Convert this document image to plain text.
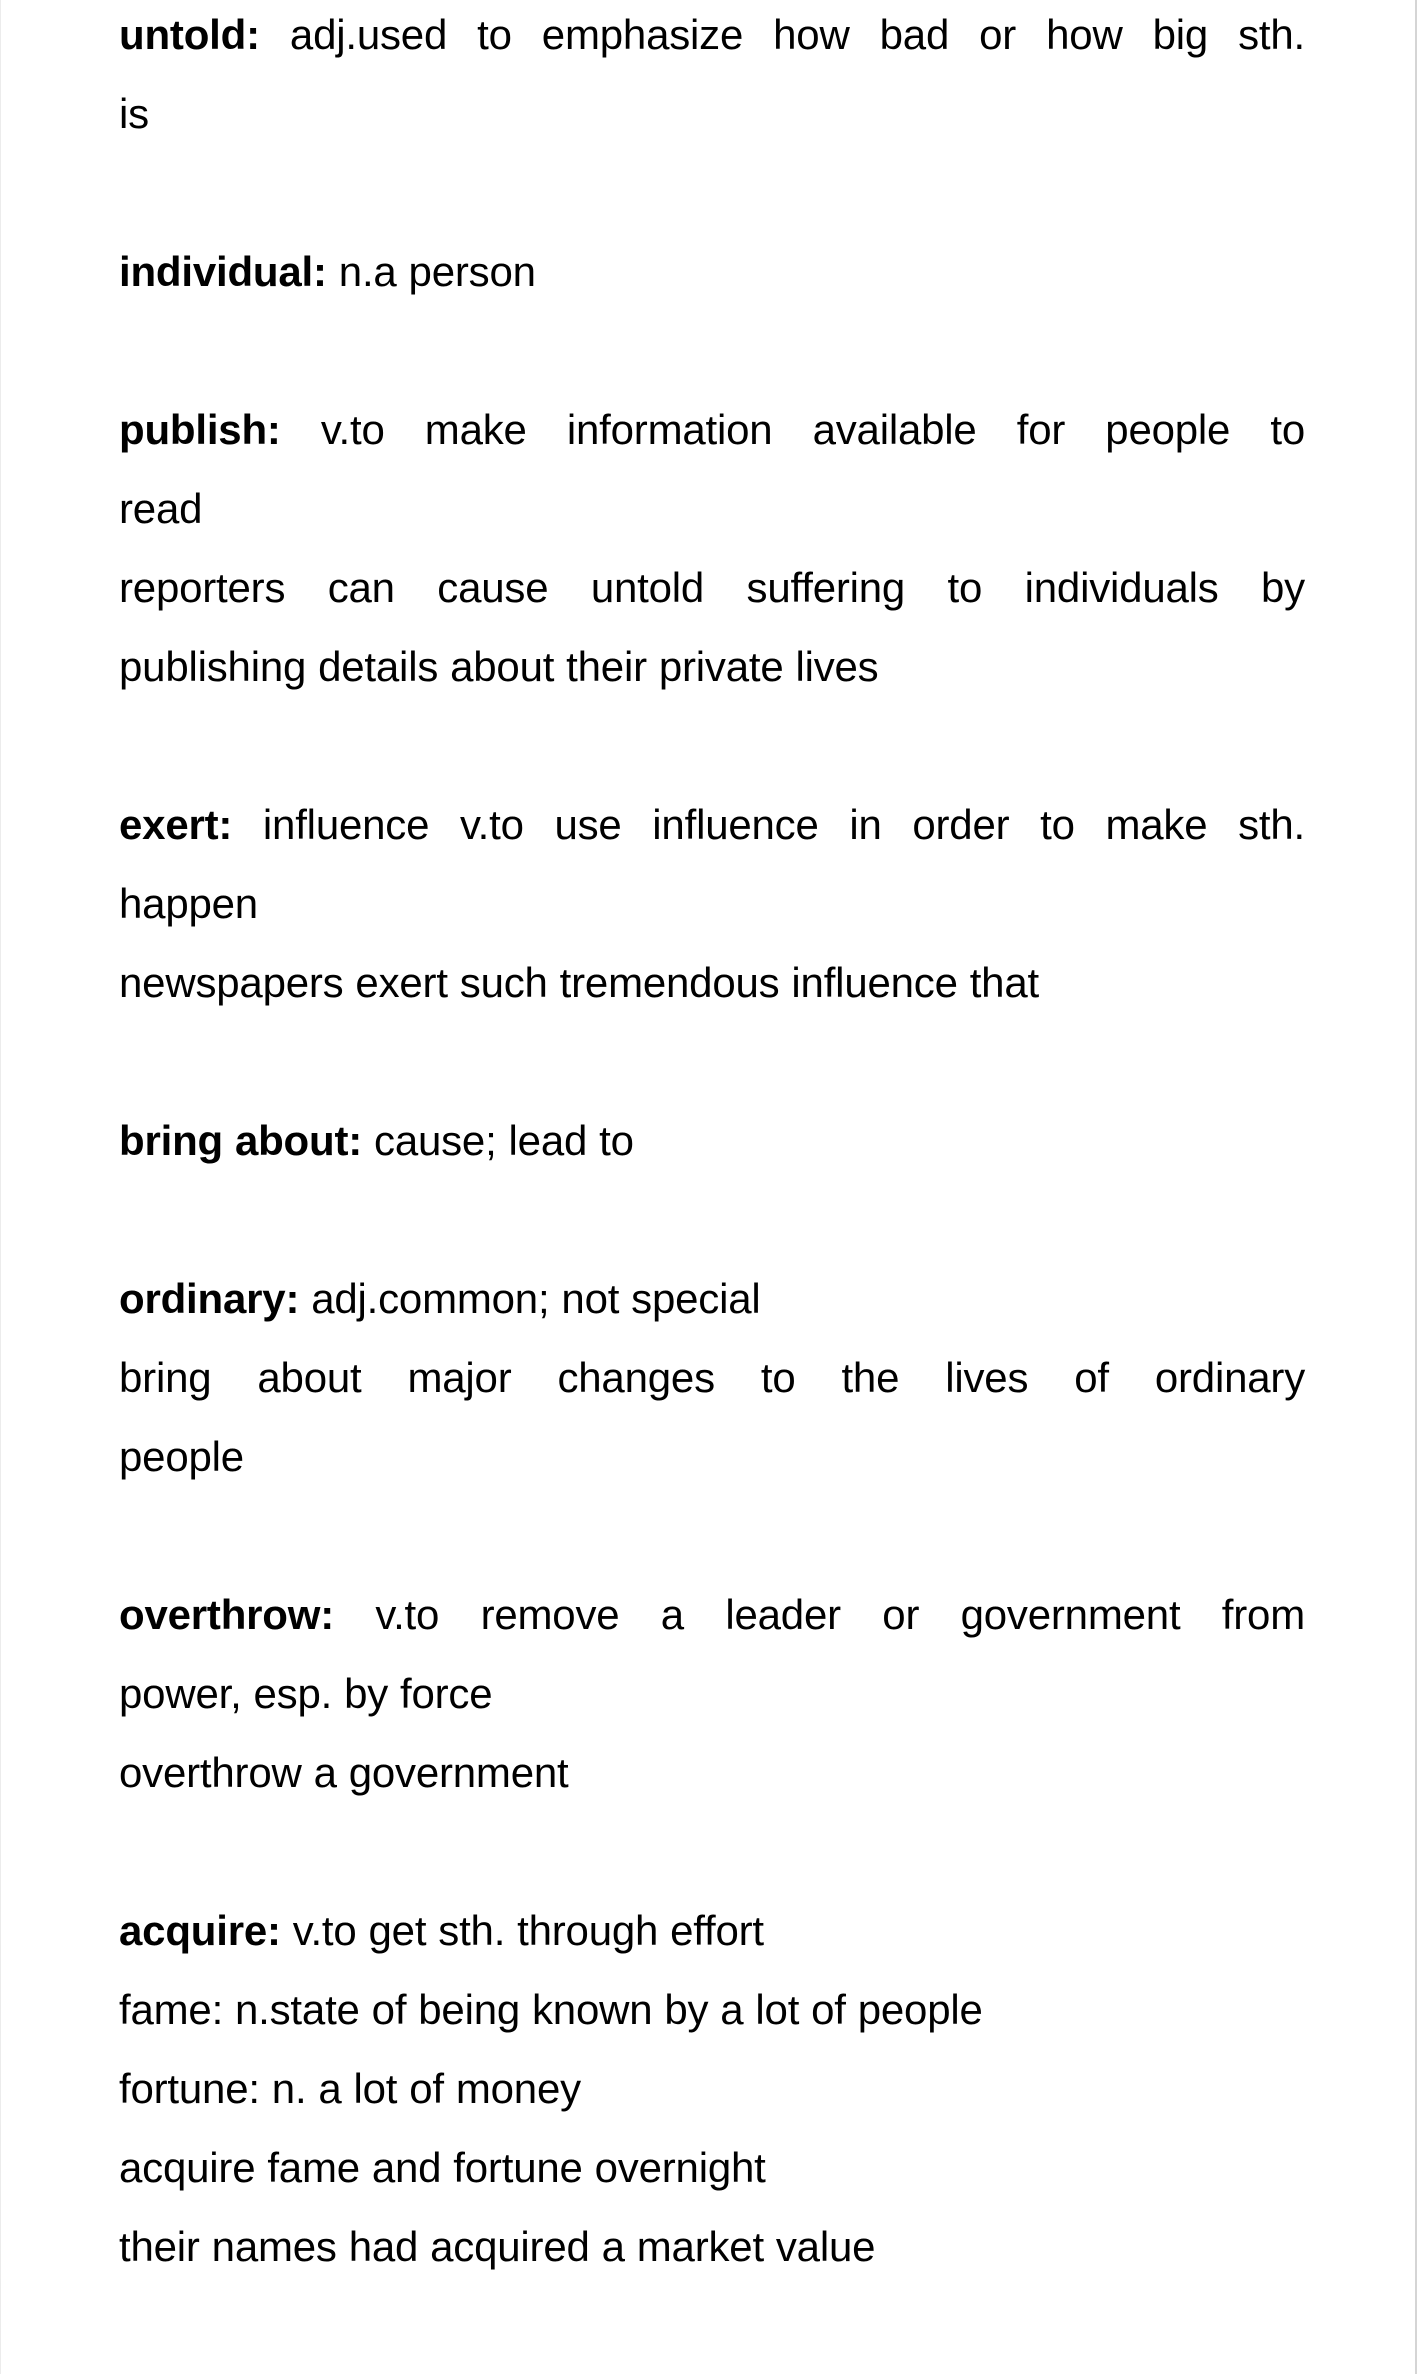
untold: adj.used to emphasize how bad or how big sth.
is
individual: n.a person
publish: v.to make information available for people to
read
reporters can cause untold suffering to individuals by
publishing details about their private lives
exert: influence v.to use influence in order to make sth.
happen
newspapers exert such tremendous influence that
bring about: cause; lead to
ordinary: adj.common; not special
bring about major changes to the lives of ordinary
people
overthrow: v.to remove a leader or government from
power, esp. by force
overthrow a government
acquire: v.to get sth. through effort
fame: n.state of being known by a lot of people
fortune: n. a lot of money
acquire fame and fortune overnight
their names had acquired a market value
